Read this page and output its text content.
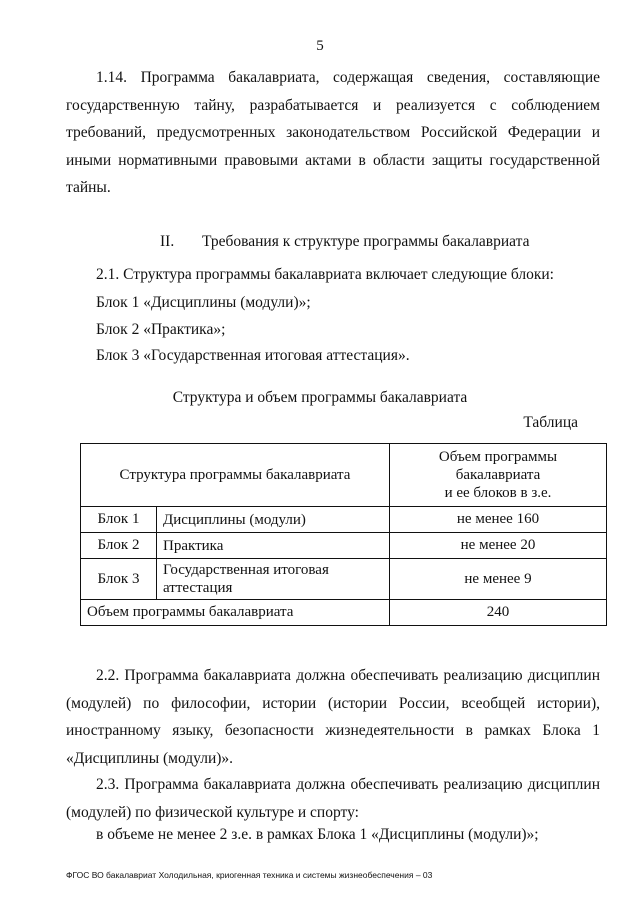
5

1.14. Программа бакалавриата, содержащая сведения, составляющие государственную тайну, разрабатывается и реализуется с соблюдением требований, предусмотренных законодательством Российской Федерации и иными нормативными правовыми актами в области защиты государственной тайны.

II. Требования к структуре программы бакалавриата

2.1. Структура программы бакалавриата включает следующие блоки:

Блок 1 «Дисциплины (модули)»;

Блок 2 «Практика»;

Блок 3 «Государственная итоговая аттестация».

Структура и объем программы бакалавриата
Таблица
Структура программы бакалавриата		Объем программы
бакалавриата
и ее блоков в з.е.

Блок 1	Дисциплины (модули)	не менее 160
Блок 2	Практика	не менее 20
Блок 3	Государственная итоговая аттестация	не менее 9
Объем программы бакалавриата		240

2.2. Программа бакалавриата должна обеспечивать реализацию дисциплин (модулей) по философии, истории (истории России, всеобщей истории), иностранному языку, безопасности жизнедеятельности в рамках Блока 1 «Дисциплины (модули)».

2.3. Программа бакалавриата должна обеспечивать реализацию дисциплин (модулей) по физической культуре и спорту:

в объеме не менее 2 з.е. в рамках Блока 1 «Дисциплины (модули)»;

ФГОС ВО бакалавриат Холодильная, криогенная техника и системы жизнеобеспечения – 03
